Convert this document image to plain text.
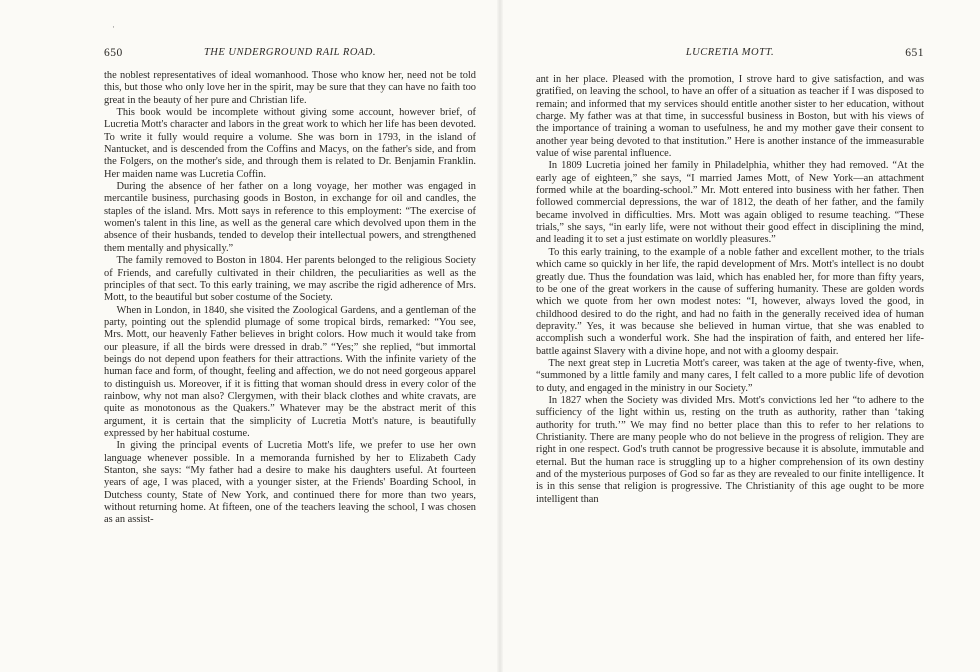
·
650	THE UNDERGROUND RAIL ROAD.

the noblest representatives of ideal womanhood. Those who know her, need not be told this, but those who only love her in the spirit, may be sure that they can have no faith too great in the beauty of her pure and Christian life.

This book would be incomplete without giving some account, however brief, of Lucretia Mott's character and labors in the great work to which her life has been devoted. To write it fully would require a volume. She was born in 1793, in the island of Nantucket, and is descended from the Coffins and Macys, on the father's side, and from the Folgers, on the mother's side, and through them is related to Dr. Benjamin Franklin. Her maiden name was Lucretia Coffin.

During the absence of her father on a long voyage, her mother was engaged in mercantile business, purchasing goods in Boston, in exchange for oil and candles, the staples of the island. Mrs. Mott says in reference to this employment: “The exercise of women's talent in this line, as well as the general care which devolved upon them in the absence of their husbands, tended to develop their intellectual powers, and strengthened them mentally and physically.”

The family removed to Boston in 1804. Her parents belonged to the religious Society of Friends, and carefully cultivated in their children, the peculiarities as well as the principles of that sect. To this early training, we may ascribe the rigid adherence of Mrs. Mott, to the beautiful but sober costume of the Society.

When in London, in 1840, she visited the Zoological Gardens, and a gentleman of the party, pointing out the splendid plumage of some tropical birds, remarked: “You see, Mrs. Mott, our heavenly Father believes in bright colors. How much it would take from our pleasure, if all the birds were dressed in drab.” “Yes;” she replied, “but immortal beings do not depend upon feathers for their attractions. With the infinite variety of the human face and form, of thought, feeling and affection, we do not need gorgeous apparel to distinguish us. Moreover, if it is fitting that woman should dress in every color of the rainbow, why not man also? Clergymen, with their black clothes and white cravats, are quite as monotonous as the Quakers.” Whatever may be the abstract merit of this argument, it is certain that the simplicity of Lucretia Mott's nature, is beautifully expressed by her habitual costume.

In giving the principal events of Lucretia Mott's life, we prefer to use her own language whenever possible. In a memoranda furnished by her to Elizabeth Cady Stanton, she says: “My father had a desire to make his daughters useful. At fourteen years of age, I was placed, with a younger sister, at the Friends' Boarding School, in Dutchess county, State of New York, and continued there for more than two years, without returning home. At fifteen, one of the teachers leaving the school, I was chosen as an assist-

LUCRETIA MOTT.	651

ant in her place. Pleased with the promotion, I strove hard to give satisfaction, and was gratified, on leaving the school, to have an offer of a situation as teacher if I was disposed to remain; and informed that my services should entitle another sister to her education, without charge. My father was at that time, in successful business in Boston, but with his views of the importance of training a woman to usefulness, he and my mother gave their consent to another year being devoted to that institution.” Here is another instance of the immeasurable value of wise parental influence.

In 1809 Lucretia joined her family in Philadelphia, whither they had removed. “At the early age of eighteen,” she says, “I married James Mott, of New York—an attachment formed while at the boarding-school.” Mr. Mott entered into business with her father. Then followed commercial depressions, the war of 1812, the death of her father, and the family became involved in difficulties. Mrs. Mott was again obliged to resume teaching. “These trials,” she says, “in early life, were not without their good effect in disciplining the mind, and leading it to set a just estimate on worldly pleasures.”

To this early training, to the example of a noble father and excellent mother, to the trials which came so quickly in her life, the rapid development of Mrs. Mott's intellect is no doubt greatly due. Thus the foundation was laid, which has enabled her, for more than fifty years, to be one of the great workers in the cause of suffering humanity. These are golden words which we quote from her own modest notes: “I, however, always loved the good, in childhood desired to do the right, and had no faith in the generally received idea of human depravity.” Yes, it was because she believed in human virtue, that she was enabled to accomplish such a wonderful work. She had the inspiration of faith, and entered her life-battle against Slavery with a divine hope, and not with a gloomy despair.

The next great step in Lucretia Mott's career, was taken at the age of twenty-five, when, “summoned by a little family and many cares, I felt called to a more public life of devotion to duty, and engaged in the ministry in our Society.”

In 1827 when the Society was divided Mrs. Mott's convictions led her “to adhere to the sufficiency of the light within us, resting on the truth as authority, rather than ‘taking authority for truth.’” We may find no better place than this to refer to her relations to Christianity. There are many people who do not believe in the progress of religion. They are right in one respect. God's truth cannot be progressive because it is absolute, immutable and eternal. But the human race is struggling up to a higher comprehension of its own destiny and of the mysterious purposes of God so far as they are revealed to our finite intelligence. It is in this sense that religion is progressive. The Christianity of this age ought to be more intelligent than
